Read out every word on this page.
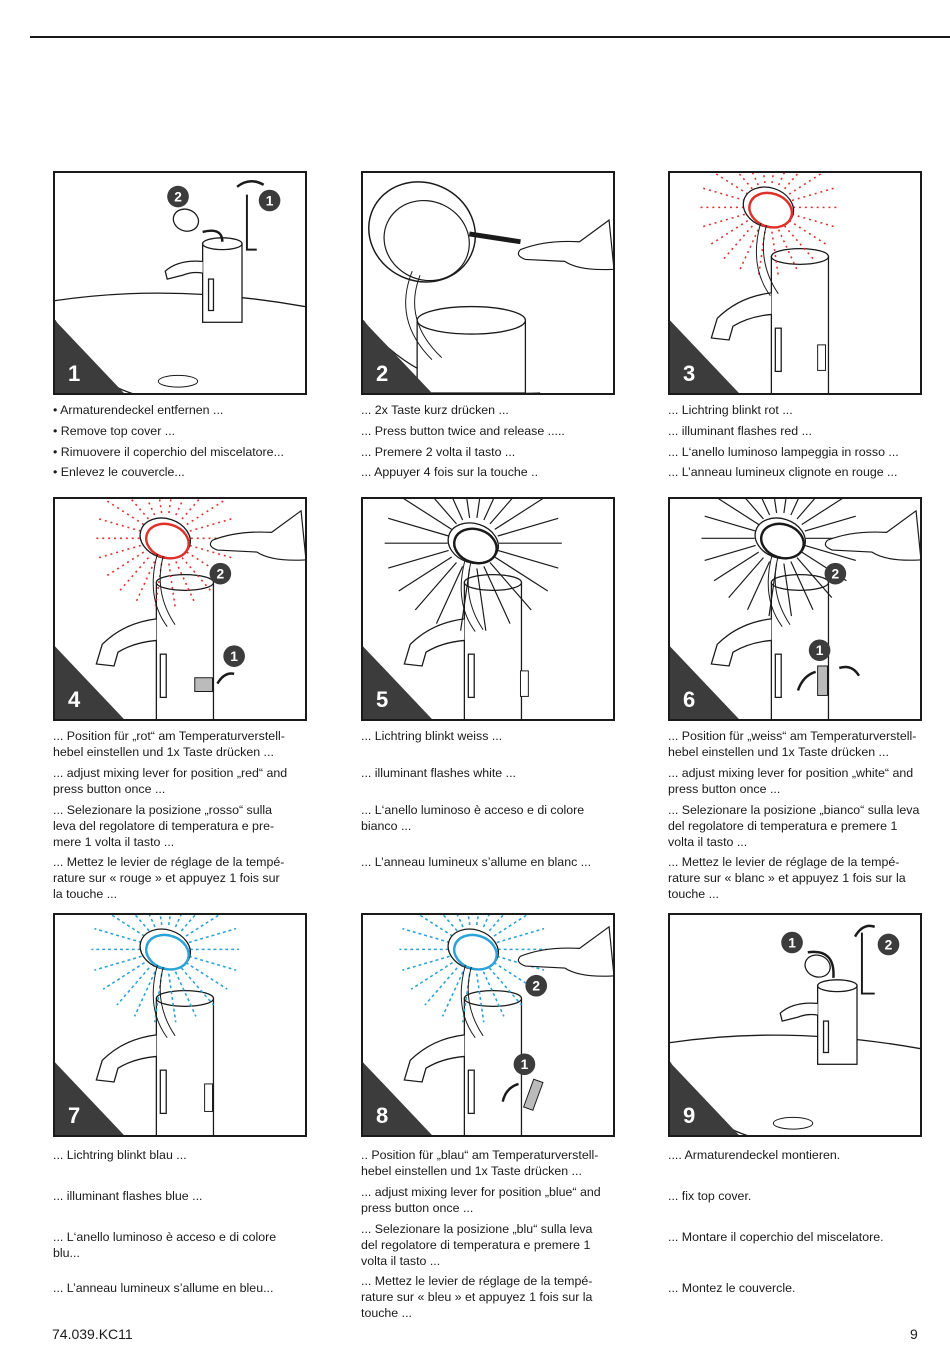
2	1
1

• Armaturendeckel entfernen ...

• Remove top cover ...

• Rimuovere il coperchio del miscelatore...

• Enlevez le couvercle...

2

... 2x Taste kurz drücken ...

... Press button twice and release .....

... Premere 2 volta il tasto ...

... Appuyer 4 fois sur la touche ..

3

... Lichtring blinkt rot ...

... illuminant flashes red ...

... L‘anello luminoso lampeggia in rosso ...

... L’anneau lumineux clignote en rouge ...

2
1
4

... Position für „rot“ am Temperaturverstell-
hebel einstellen und 1x Taste drücken ...

... adjust mixing lever for position „red“ and
press button once ...

... Selezionare la posizione „rosso“ sulla
leva del regolatore di temperatura e pre-
mere 1 volta il tasto ...

... Mettez le levier de réglage de la tempé-
rature sur « rouge » et appuyez 1 fois sur
la touche ...

5

... Lichtring blinkt weiss ...

... illuminant flashes white ...

... L‘anello luminoso è acceso e di colore
bianco ...

... L’anneau lumineux s’allume en blanc ...

2
1
6

... Position für „weiss“ am Temperaturverstell-
hebel einstellen und 1x Taste drücken ...

... adjust mixing lever for position „white“ and
press button once ...

... Selezionare la posizione „bianco“ sulla leva
del regolatore di temperatura e premere 1
volta il tasto ...

... Mettez le levier de réglage de la tempé-
rature sur « blanc » et appuyez 1 fois sur la
touche ...

7

... Lichtring blinkt blau ...

... illuminant flashes blue ...

... L‘anello luminoso è acceso e di colore
blu...

... L’anneau lumineux s’allume en bleu...

2
1
8

.. Position für „blau“ am Temperaturverstell-
hebel einstellen und 1x Taste drücken ...

... adjust mixing lever for position „blue“ and
press button once ...

... Selezionare la posizione „blu“ sulla leva
del regolatore di temperatura e premere 1
volta il tasto ...

... Mettez le levier de réglage de la tempé-
rature sur « bleu » et appuyez 1 fois sur la
touche ...

1	2
9

.... Armaturendeckel montieren.

... fix top cover.

... Montare il coperchio del miscelatore.

... Montez le couvercle.

74.039.KC11	9
